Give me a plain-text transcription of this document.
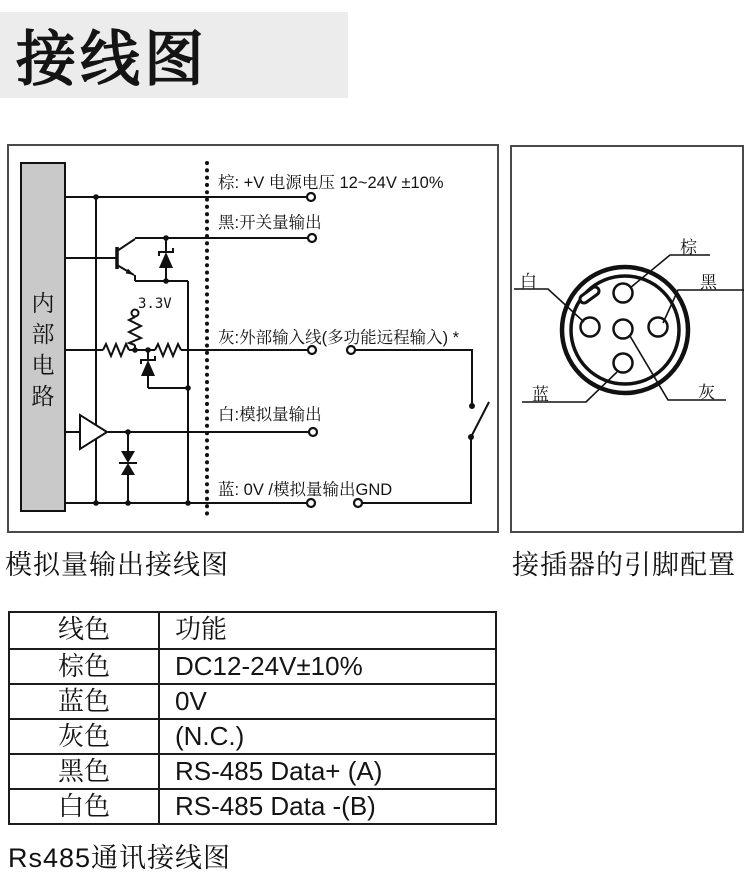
接线图
内
部
电
路
3.3V
棕: +V 电源电压 12~24V ±10%
黑:开关量输出
灰:外部输入线(多功能远程输入) *
白:模拟量输出
蓝: 0V /模拟量输出GND
棕
白	黑
蓝	灰
模拟量输出接线图	接插器的引脚配置
线色	功能
棕色	DC12-24V±10%
蓝色	0V
灰色	(N.C.)
黑色	RS-485 Data+ (A)
白色	RS-485 Data -(B)
Rs485通讯接线图
